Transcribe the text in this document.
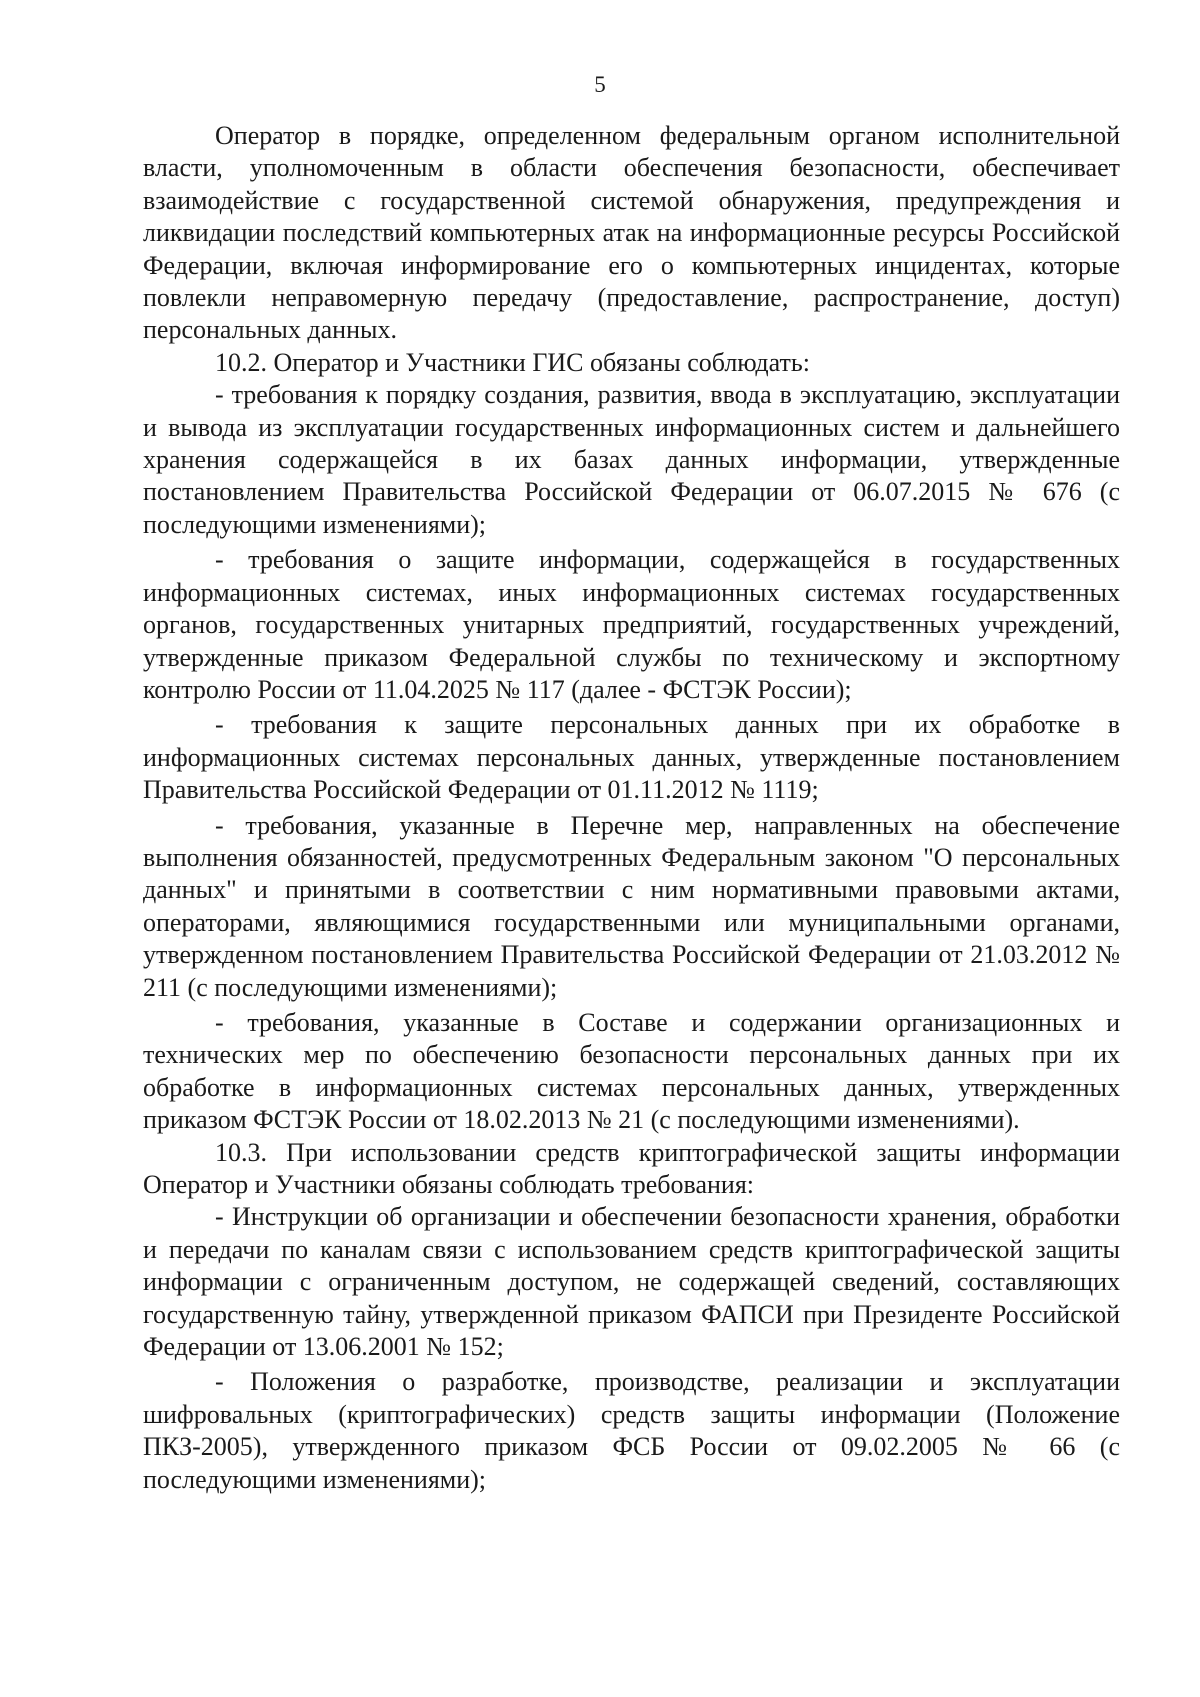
5

Оператор в порядке, определенном федеральным органом исполнительной власти, уполномоченным в области обеспечения безопасности, обеспечивает взаимодействие с государственной системой обнаружения, предупреждения и ликвидации последствий компьютерных атак на информационные ресурсы Российской Федерации, включая информирование его о компьютерных инцидентах, которые повлекли неправомерную передачу (предоставление, распространение, доступ) персональных данных.

10.2. Оператор и Участники ГИС обязаны соблюдать:

- требования к порядку создания, развития, ввода в эксплуатацию, эксплуатации и вывода из эксплуатации государственных информационных систем и дальнейшего хранения содержащейся в их базах данных информации, утвержденные постановлением Правительства Российской Федерации от 06.07.2015 № 676 (с последующими изменениями);

- требования о защите информации, содержащейся в государственных информационных системах, иных информационных системах государственных органов, государственных унитарных предприятий, государственных учреждений, утвержденные приказом Федеральной службы по техническому и экспортному контролю России от 11.04.2025 № 117 (далее - ФСТЭК России);

- требования к защите персональных данных при их обработке в информационных системах персональных данных, утвержденные постановлением Правительства Российской Федерации от 01.11.2012 № 1119;

- требования, указанные в Перечне мер, направленных на обеспечение выполнения обязанностей, предусмотренных Федеральным законом "О персональных данных" и принятыми в соответствии с ним нормативными правовыми актами, операторами, являющимися государственными или муниципальными органами, утвержденном постановлением Правительства Российской Федерации от 21.03.2012 № 211 (с последующими изменениями);

- требования, указанные в Составе и содержании организационных и технических мер по обеспечению безопасности персональных данных при их обработке в информационных системах персональных данных, утвержденных приказом ФСТЭК России от 18.02.2013 № 21 (с последующими изменениями).

10.3. При использовании средств криптографической защиты информации Оператор и Участники обязаны соблюдать требования:

- Инструкции об организации и обеспечении безопасности хранения, обработки и передачи по каналам связи с использованием средств криптографической защиты информации с ограниченным доступом, не содержащей сведений, составляющих государственную тайну, утвержденной приказом ФАПСИ при Президенте Российской Федерации от 13.06.2001 № 152;

- Положения о разработке, производстве, реализации и эксплуатации шифровальных (криптографических) средств защиты информации (Положение ПКЗ-2005), утвержденного приказом ФСБ России от 09.02.2005 № 66 (с последующими изменениями);
